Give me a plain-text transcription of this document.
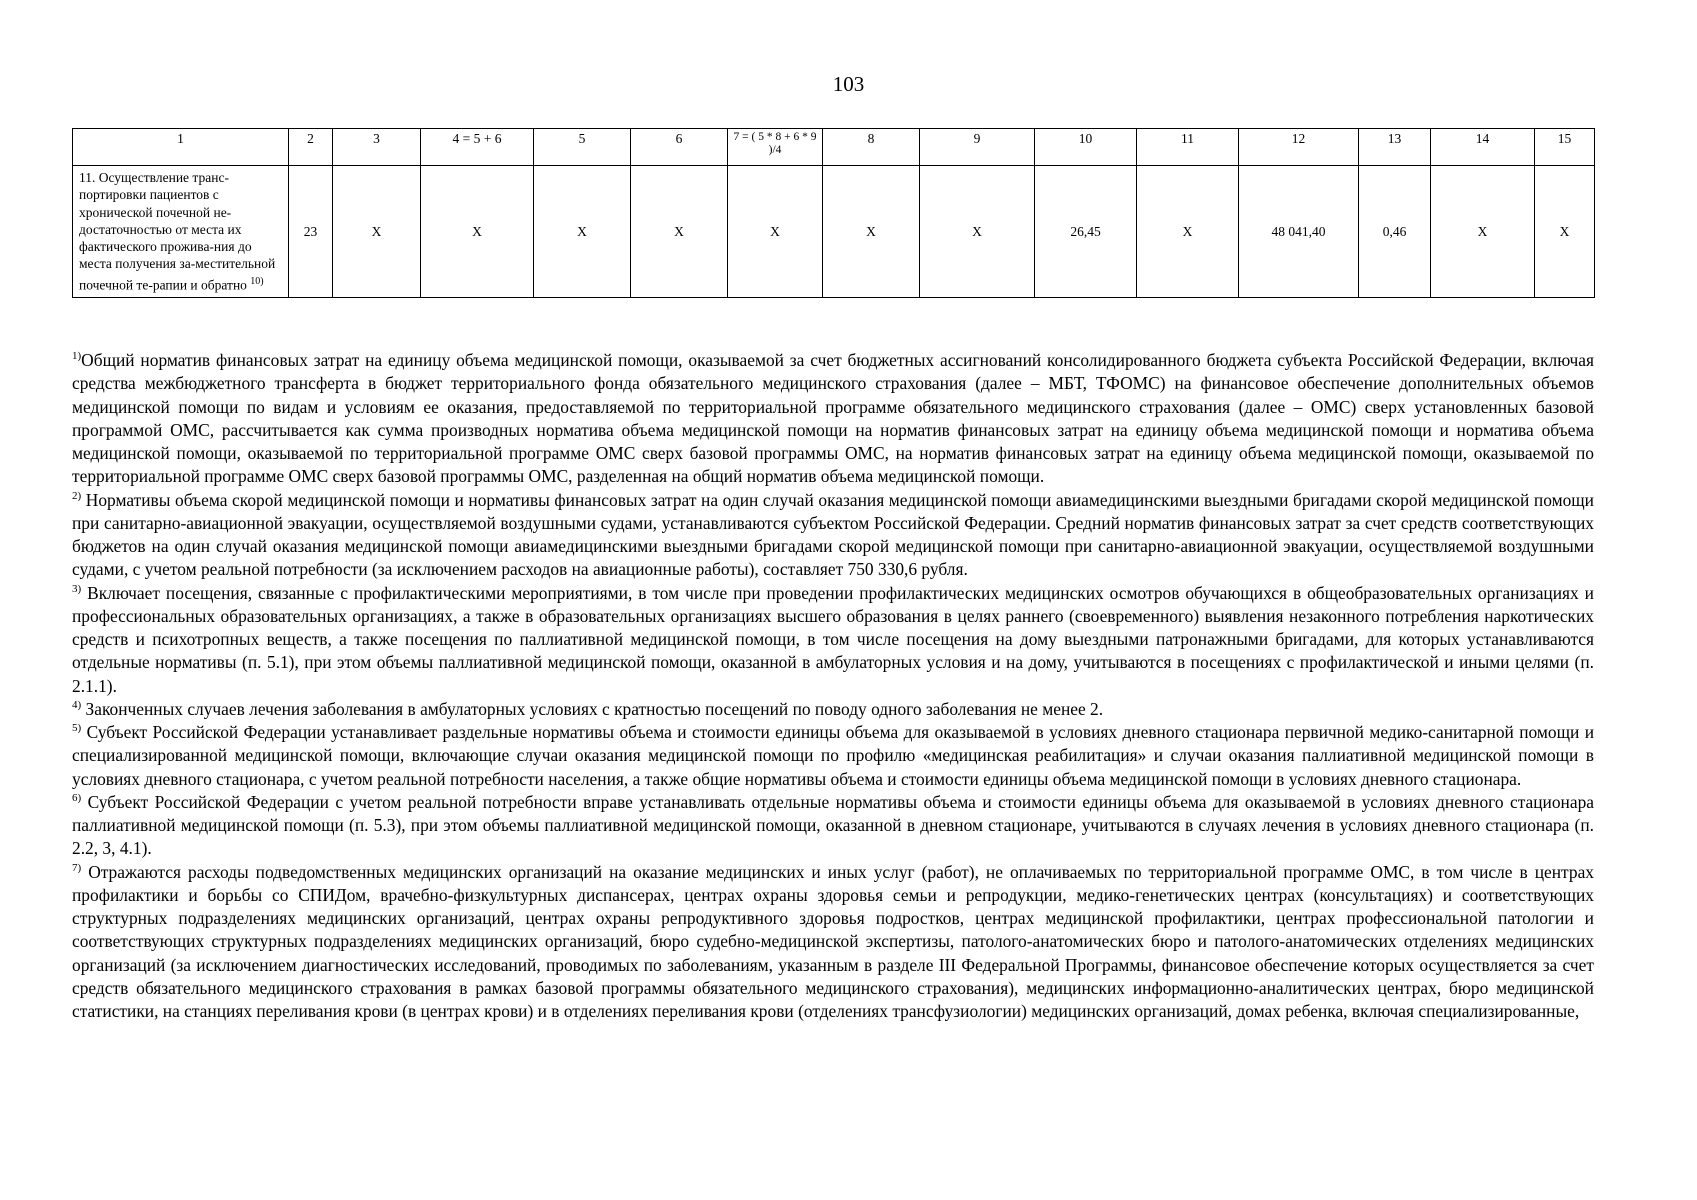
103
1	2	3	4 = 5 + 6	5	6	7 = ( 5 * 8 + 6 * 9 )/4	8	9	10	11	12	13	14	15
11. Осуществление транс-портировки пациентов с хронической почечной не-достаточностью от места их фактического прожива-ния до места получения за-местительной почечной те-рапии и обратно $^{10)}$	23	Х	Х	Х	Х	Х	Х	Х	26,45	Х	48 041,40	0,46	Х	Х

$^{1)}$Общий норматив финансовых затрат на единицу объема медицинской помощи, оказываемой за счет бюджетных ассигнований консолидированного бюджета субъекта Российской Федерации, включая средства межбюджетного трансферта в бюджет территориального фонда обязательного медицинского страхования (далее – МБТ, ТФОМС) на финансовое обеспечение дополнительных объемов медицинской помощи по видам и условиям ее оказания, предоставляемой по территориальной программе обязательного медицинского страхования (далее – ОМС) сверх установленных базовой программой ОМС, рассчитывается как сумма производных норматива объема медицинской помощи на норматив финансовых затрат на единицу объема медицинской помощи и норматива объема медицинской помощи, оказываемой по территориальной программе ОМС сверх базовой программы ОМС, на норматив финансовых затрат на единицу объема медицинской помощи, оказываемой по территориальной программе ОМС сверх базовой программы ОМС, разделенная на общий норматив объема медицинской помощи.

$^{2)}$ Нормативы объема скорой медицинской помощи и нормативы финансовых затрат на один случай оказания медицинской помощи авиамедицинскими выездными бригадами скорой медицинской помощи при санитарно-авиационной эвакуации, осуществляемой воздушными судами, устанавливаются субъектом Российской Федерации. Средний норматив финансовых затрат за счет средств соответствующих бюджетов на один случай оказания медицинской помощи авиамедицинскими выездными бригадами скорой медицинской помощи при санитарно-авиационной эвакуации, осуществляемой воздушными судами, с учетом реальной потребности (за исключением расходов на авиационные работы), составляет 750 330,6 рубля.

$^{3)}$ Включает посещения, связанные с профилактическими мероприятиями, в том числе при проведении профилактических медицинских осмотров обучающихся в общеобразовательных организациях и профессиональных образовательных организациях, а также в образовательных организациях высшего образования в целях раннего (своевременного) выявления незаконного потребления наркотических средств и психотропных веществ, а также посещения по паллиативной медицинской помощи, в том числе посещения на дому выездными патронажными бригадами, для которых устанавливаются отдельные нормативы (п. 5.1), при этом объемы паллиативной медицинской помощи, оказанной в амбулаторных условия и на дому, учитываются в посещениях с профилактической и иными целями (п. 2.1.1).

$^{4)}$ Законченных случаев лечения заболевания в амбулаторных условиях с кратностью посещений по поводу одного заболевания не менее 2.

$^{5)}$ Субъект Российской Федерации устанавливает раздельные нормативы объема и стоимости единицы объема для оказываемой в условиях дневного стационара первичной медико-санитарной помощи и специализированной медицинской помощи, включающие случаи оказания медицинской помощи по профилю «медицинская реабилитация» и случаи оказания паллиативной медицинской помощи в условиях дневного стационара, с учетом реальной потребности населения, а также общие нормативы объема и стоимости единицы объема медицинской помощи в условиях дневного стационара.

$^{6)}$ Субъект Российской Федерации с учетом реальной потребности вправе устанавливать отдельные нормативы объема и стоимости единицы объема для оказываемой в условиях дневного стационара паллиативной медицинской помощи (п. 5.3), при этом объемы паллиативной медицинской помощи, оказанной в дневном стационаре, учитываются в случаях лечения в условиях дневного стационара (п. 2.2, 3, 4.1).

$^{7)}$ Отражаются расходы подведомственных медицинских организаций на оказание медицинских и иных услуг (работ), не оплачиваемых по территориальной программе ОМС, в том числе в центрах профилактики и борьбы со СПИДом, врачебно-физкультурных диспансерах, центрах охраны здоровья семьи и репродукции, медико-генетических центрах (консультациях) и соответствующих структурных подразделениях медицинских организаций, центрах охраны репродуктивного здоровья подростков, центрах медицинской профилактики, центрах профессиональной патологии и соответствующих структурных подразделениях медицинских организаций, бюро судебно-медицинской экспертизы, патолого-анатомических бюро и патолого-анатомических отделениях медицинских организаций (за исключением диагностических исследований, проводимых по заболеваниям, указанным в разделе III Федеральной Программы, финансовое обеспечение которых осуществляется за счет средств обязательного медицинского страхования в рамках базовой программы обязательного медицинского страхования), медицинских информационно-аналитических центрах, бюро медицинской статистики, на станциях переливания крови (в центрах крови) и в отделениях переливания крови (отделениях трансфузиологии) медицинских организаций, домах ребенка, включая специализированные,
